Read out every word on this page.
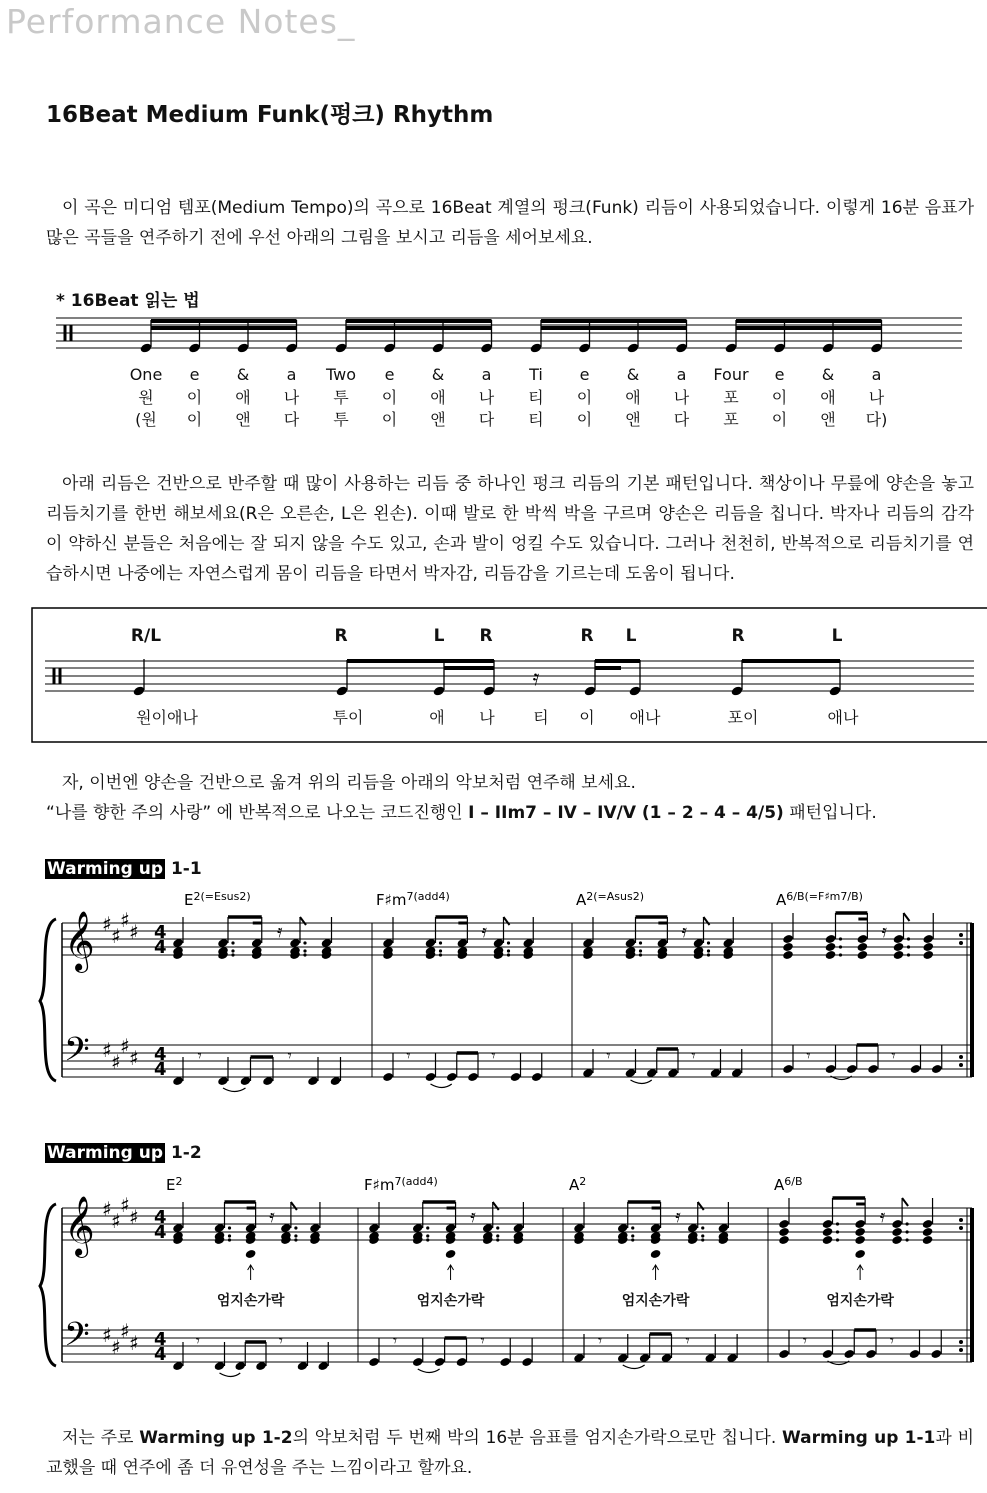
Performance Notes_
16Beat Medium Funk(펑크) Rhythm
이 곡은 미디엄 템포(Medium Tempo)의 곡으로 16Beat 계열의 펑크(Funk) 리듬이 사용되었습니다. 이렇게 16분 음표가 많은 곡들을 연주하기 전에 우선 아래의 그림을 보시고 리듬을 세어보세요.
* 16Beat 읽는 법
One e & a Two e & a Ti e & a Four e & a
원 이 애 나 투 이 애 나 티 이 애 나 포 이 애 나
(원 이 앤 다 투 이 앤 다 티 이 앤 다 포 이 앤 다)
아래 리듬은 건반으로 반주할 때 많이 사용하는 리듬 중 하나인 펑크 리듬의 기본 패턴입니다. 책상이나 무릎에 양손을 놓고 리듬치기를 한번 해보세요(R은 오른손, L은 왼손). 이때 발로 한 박씩 박을 구르며 양손은 리듬을 칩니다. 박자나 리듬의 감각이 약하신 분들은 처음에는 잘 되지 않을 수도 있고, 손과 발이 엉킬 수도 있습니다. 그러나 천천히, 반복적으로 리듬치기를 연습하시면 나중에는 자연스럽게 몸이 리듬을 타면서 박자감, 리듬감을 기르는데 도움이 됩니다.
𝄿
R/L	R	L R	R L	R	L
원이애나	투이	애 나 티 이 애나	포이	애나
자, 이번엔 양손을 건반으로 옮겨 위의 리듬을 아래의 악보처럼 연주해 보세요.
“나를 향한 주의 사랑” 에 반복적으로 나오는 코드진행인 I – IIm7 – IV – IV/V (1 – 2 – 4 – 4/5) 패턴입니다.
Warming up 1-1
𝄞
𝄢
♯
♯
♯
♯
♯
♯
♯
♯
4
4
4
4
$E^{2(=Esus2)}$	$F♯m^{7(add4)}$	$A^{2(=Asus2)}$	$A^{6/B(=F♯m7/B)}$
𝄿
𝄾	𝄾
𝄿
𝄾	𝄾
𝄿
𝄾	𝄾
𝄿
𝄾	𝄾
Warming up 1-2
𝄞
𝄢
♯
♯
♯
♯
♯
♯
♯
♯
4
4
4
4
$E^2$	$F♯m^{7(add4)}$	$A^2$	$A^{6/B}$
𝄿
엄지손가락
𝄾	𝄾
𝄿
엄지손가락
𝄾	𝄾
𝄿
엄지손가락
𝄾	𝄾
𝄿
엄지손가락
𝄾	𝄾
저는 주로 Warming up 1-2의 악보처럼 두 번째 박의 16분 음표를 엄지손가락으로만 칩니다. Warming up 1-1과 비교했을 때 연주에 좀 더 유연성을 주는 느낌이라고 할까요.
